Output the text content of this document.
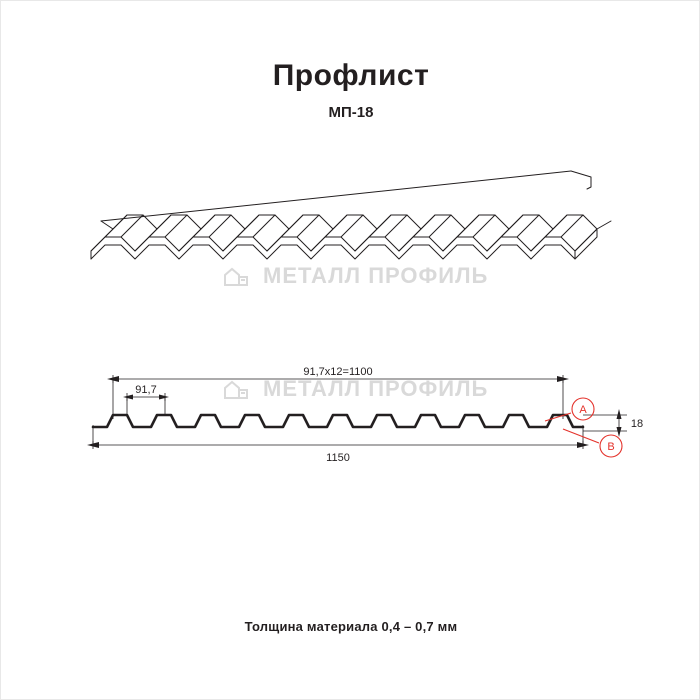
Профлист
МП-18
МЕТАЛЛ ПРОФИЛЬ
A
B
91,7х12=1100
91,7
1150
18
МЕТАЛЛ ПРОФИЛЬ
Толщина материала 0,4 – 0,7 мм
